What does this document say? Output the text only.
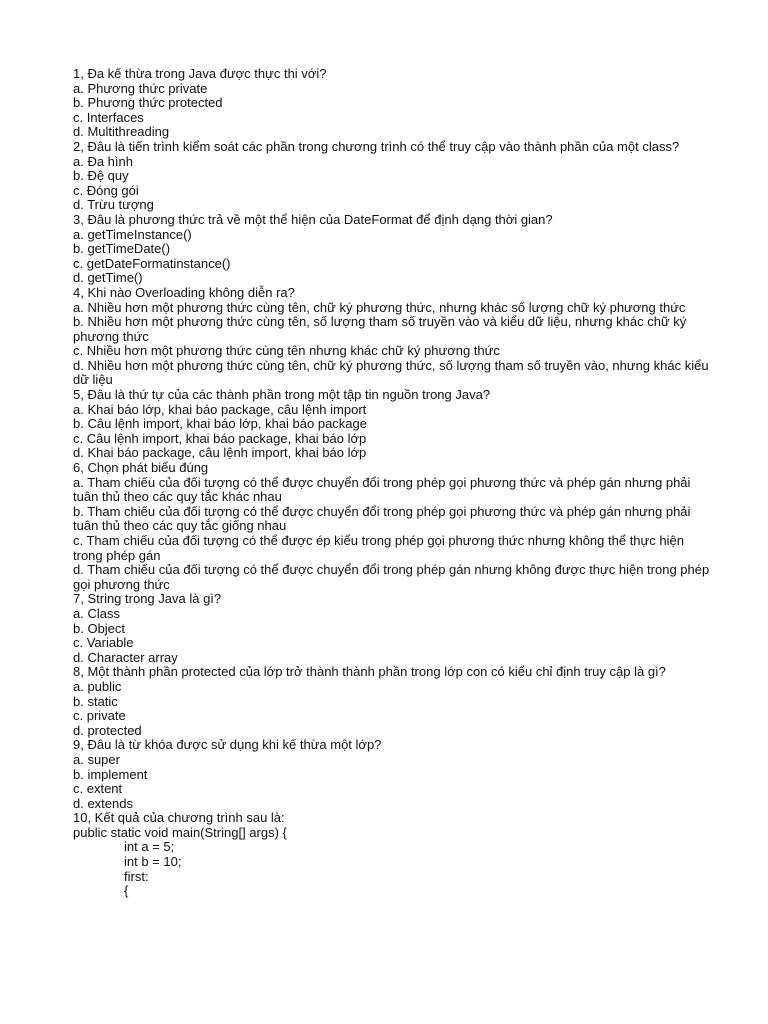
1, Đa kế thừa trong Java được thực thi với?
a. Phương thức private
b. Phương thức protected
c. Interfaces
d. Multithreading
2, Đâu là tiến trình kiểm soát các phần trong chương trình có thể truy cập vào thành phần của một class?
a. Đa hình
b. Đệ quy
c. Đóng gói
d. Trừu tượng
3, Đâu là phương thức trả về một thể hiện của DateFormat để định dạng thời gian?
a. getTimeInstance()
b. getTimeDate()
c. getDateFormatinstance()
d. getTime()
4, Khi nào Overloading không diễn ra?
a. Nhiều hơn một phương thức cùng tên, chữ ký phương thức, nhưng khác số lượng chữ ký phương thức
b. Nhiều hơn một phương thức cùng tên, số lượng tham số truyền vào và kiểu dữ liệu, nhưng khác chữ ký phương thức
c. Nhiều hơn một phương thức cùng tên nhưng khác chữ ký phương thức
d. Nhiều hơn một phương thức cùng tên, chữ ký phương thức, số lượng tham số truyền vào, nhưng khác kiểu dữ liệu
5, Đâu là thứ tự của các thành phần trong một tập tin nguồn trong Java?
a. Khai báo lớp, khai báo package, câu lệnh import
b. Câu lệnh import, khai báo lớp, khai báo package
c. Câu lệnh import, khai báo package, khai báo lớp
d. Khai báo package, câu lệnh import, khai báo lớp
6, Chọn phát biểu đúng
a. Tham chiếu của đối tượng có thể được chuyển đổi trong phép gọi phương thức và phép gán nhưng phải tuân thủ theo các quy tắc khác nhau
b. Tham chiếu của đối tượng có thể được chuyển đổi trong phép gọi phương thức và phép gán nhưng phải tuân thủ theo các quy tắc giống nhau
c. Tham chiếu của đối tượng có thể được ép kiểu trong phép gọi phương thức nhưng không thể thực hiện trong phép gán
d. Tham chiếu của đối tượng có thể được chuyển đổi trong phép gán nhưng không được thực hiện trong phép gọi phương thức
7, String trong Java là gì?
a. Class
b. Object
c. Variable
d. Character array
8, Một thành phần protected của lớp trở thành thành phần trong lớp con có kiểu chỉ định truy cập là gì?
a. public
b. static
c. private
d. protected
9, Đâu là từ khóa được sử dụng khi kế thừa một lớp?
a. super
b. implement
c. extent
d. extends
10, Kết quả của chương trình sau là:
public static void main(String[] args) {
int a = 5;
int b = 10;
first:
{
